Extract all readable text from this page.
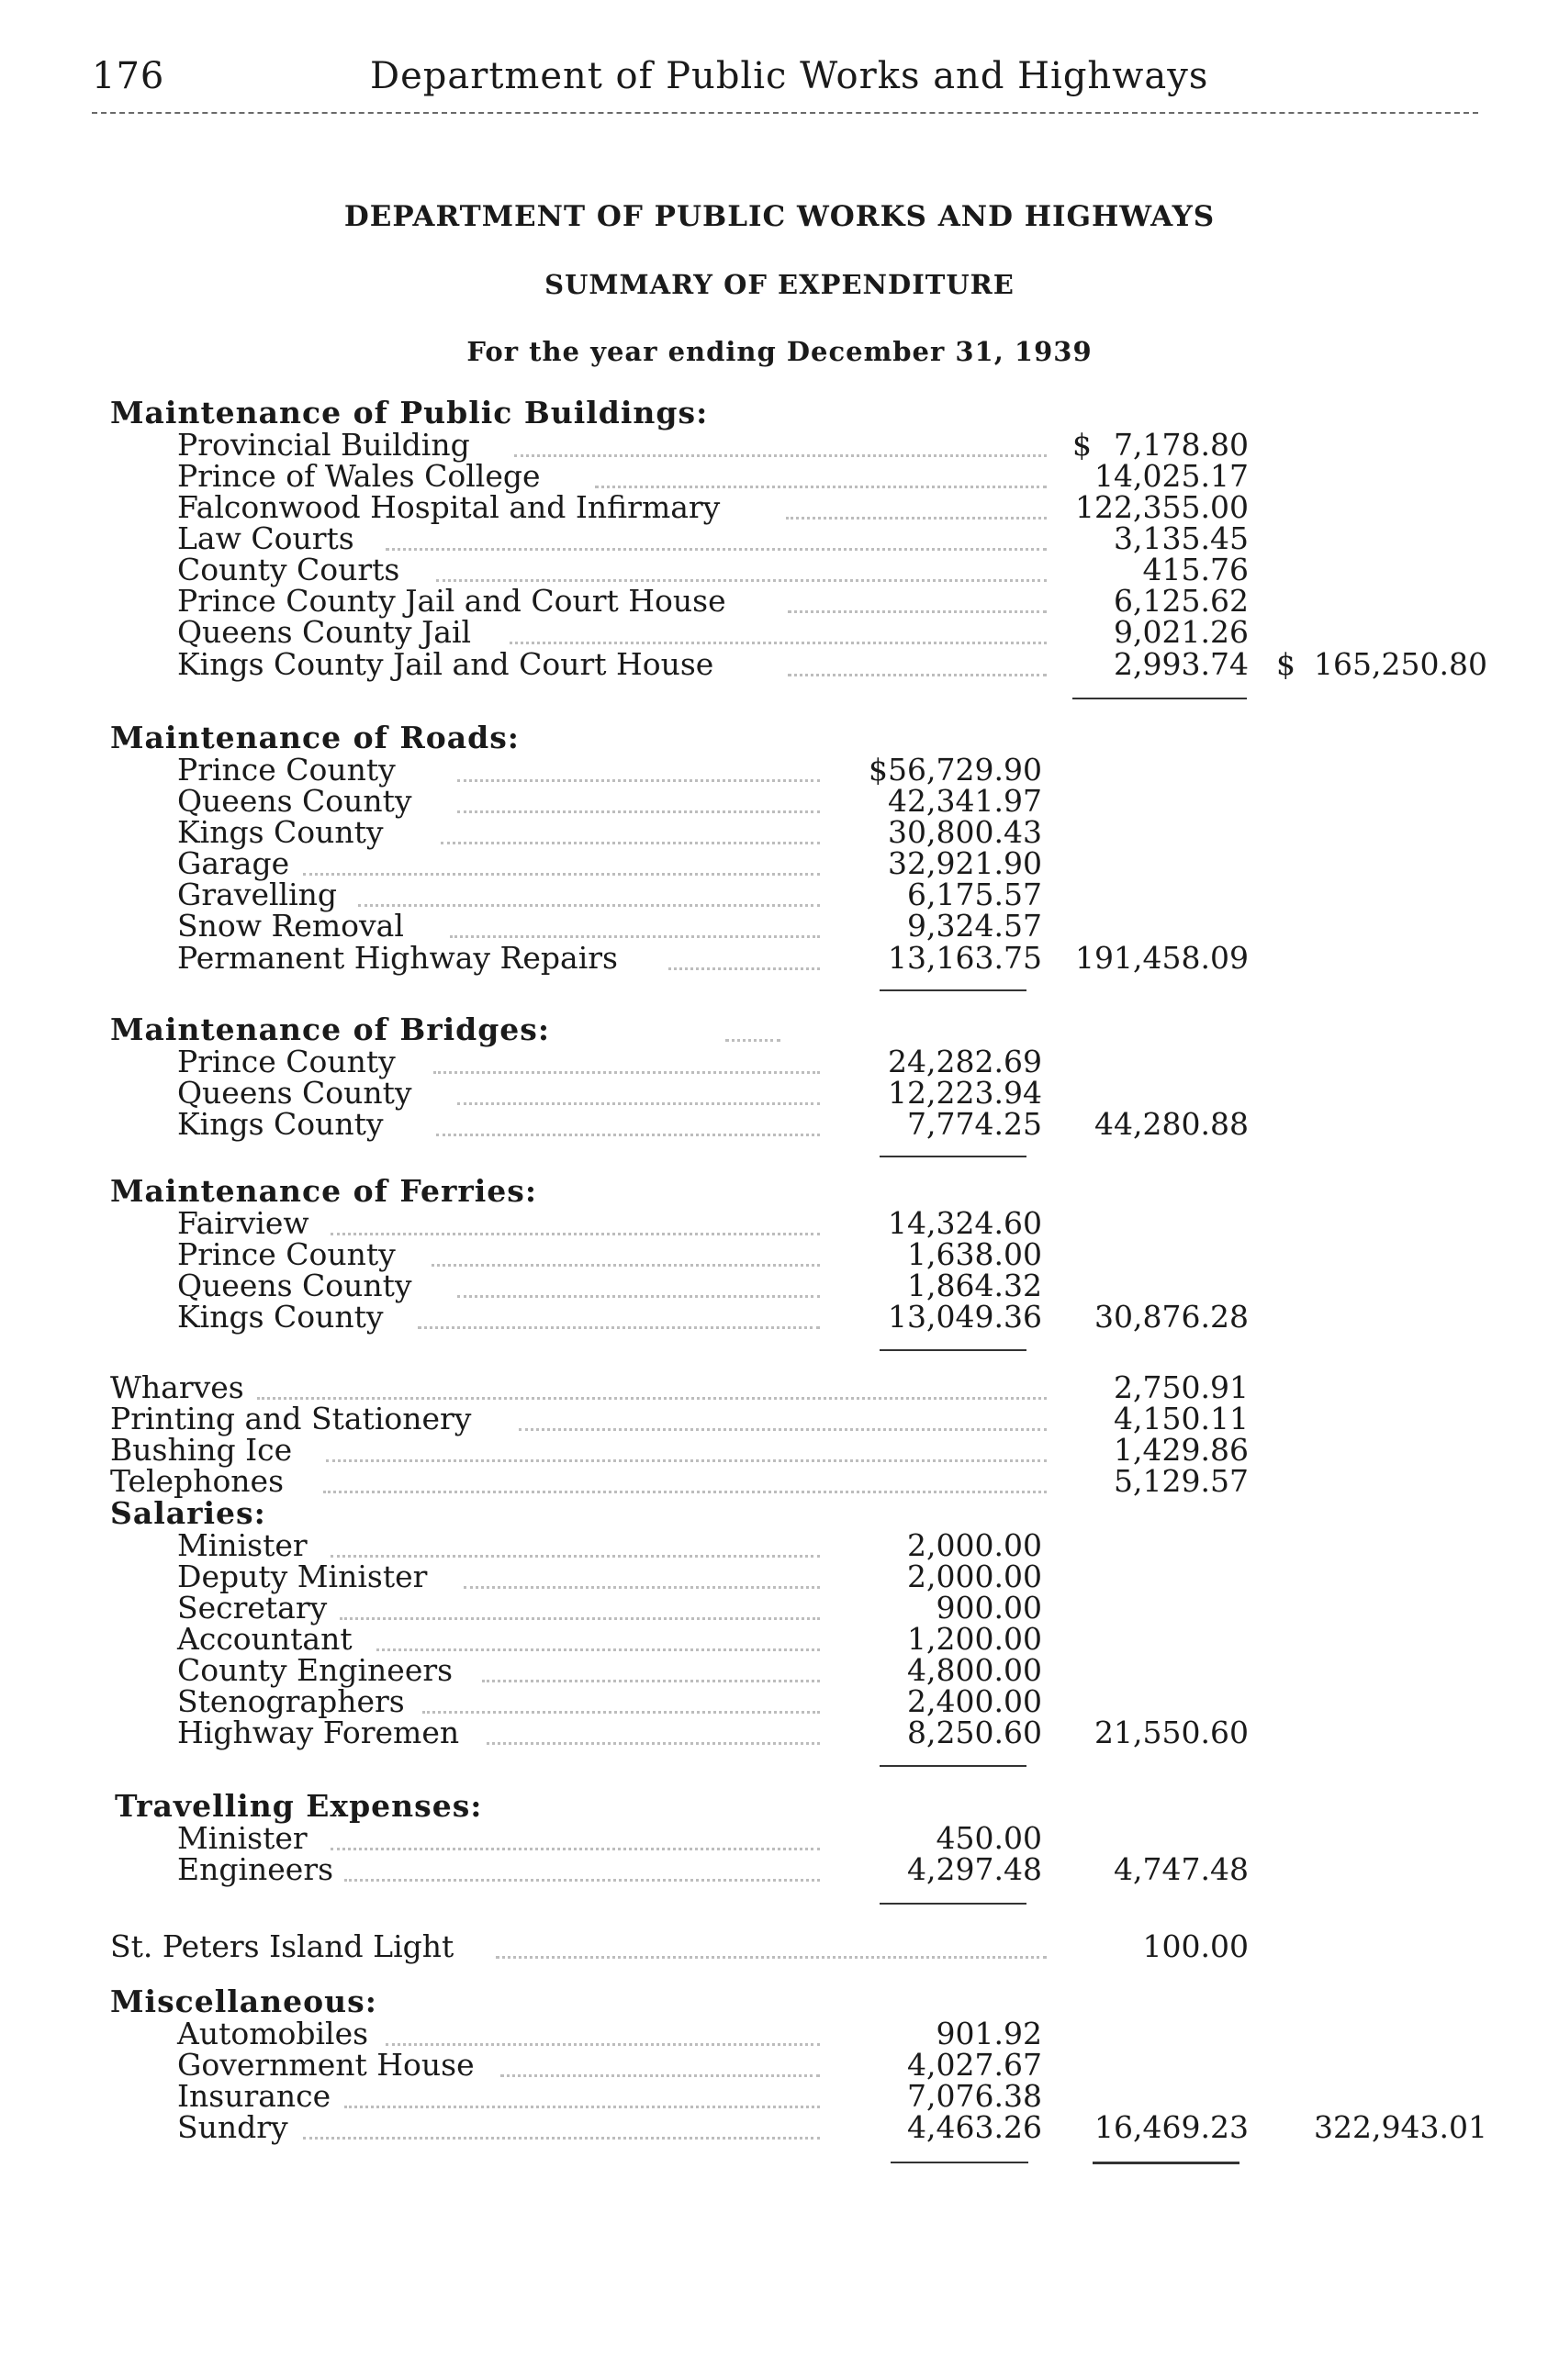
176	Department of Public Works and Highways
DEPARTMENT OF PUBLIC WORKS AND HIGHWAYS
SUMMARY OF EXPENDITURE
For the year ending December 31, 1939
Maintenance of Public Buildings:
Provincial Building	$ 7,178.80
Prince of Wales College	14,025.17
Falconwood Hospital and Infirmary	122,355.00
Law Courts	3,135.45
County Courts	415.76
Prince County Jail and Court House	6,125.62
Queens County Jail	9,021.26
Kings County Jail and Court House	2,993.74 $ 165,250.80
Maintenance of Roads:
Prince County	$56,729.90
Queens County	42,341.97
Kings County	30,800.43
Garage	32,921.90
Gravelling	6,175.57
Snow Removal	9,324.57
Permanent Highway Repairs	13,163.75	191,458.09
Maintenance of Bridges:
Prince County	24,282.69
Queens County	12,223.94
Kings County	7,774.25	44,280.88
Maintenance of Ferries:
Fairview	14,324.60
Prince County	1,638.00
Queens County	1,864.32
Kings County	13,049.36	30,876.28
Wharves	2,750.91
Printing and Stationery	4,150.11
Bushing Ice	1,429.86
Telephones	5,129.57
Salaries:
Minister	2,000.00
Deputy Minister	2,000.00
Secretary	900.00
Accountant	1,200.00
County Engineers	4,800.00
Stenographers	2,400.00
Highway Foremen	8,250.60	21,550.60
Travelling Expenses:
Minister	450.00
Engineers	4,297.48	4,747.48
St. Peters Island Light	100.00
Miscellaneous:
Automobiles	901.92
Government House	4,027.67
Insurance	7,076.38
Sundry	4,463.26	16,469.23	322,943.01
